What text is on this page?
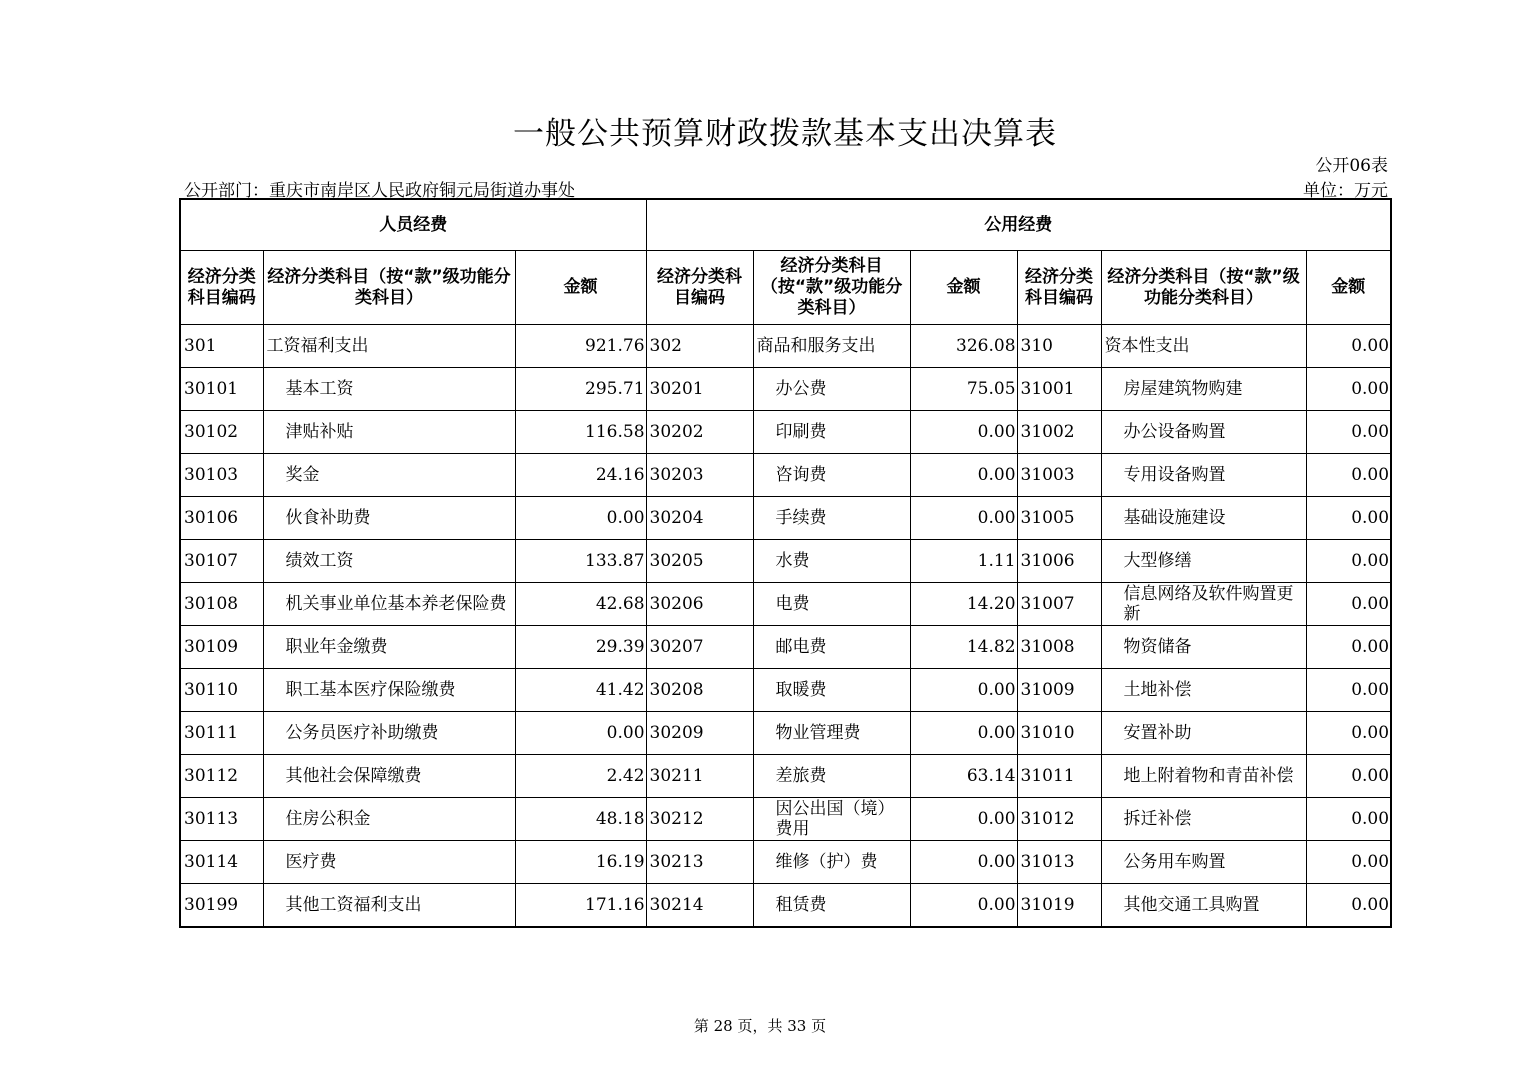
一般公共预算财政拨款基本支出决算表
公开06表
公开部门：重庆市南岸区人民政府铜元局街道办事处	单位：万元
人员经费			公用经费					
经济分类科目编码	经济分类科目（按“款”级功能分类科目）	金额	经济分类科目编码	经济分类科目（按“款”级功能分类科目）	金额	经济分类科目编码	经济分类科目（按“款”级功能分类科目）	金额
301	工资福利支出	921.76	302	商品和服务支出	326.08	310	资本性支出	0.00
30101	基本工资	295.71	30201	办公费	75.05	31001	房屋建筑物购建	0.00
30102	津贴补贴	116.58	30202	印刷费	0.00	31002	办公设备购置	0.00
30103	奖金	24.16	30203	咨询费	0.00	31003	专用设备购置	0.00
30106	伙食补助费	0.00	30204	手续费	0.00	31005	基础设施建设	0.00
30107	绩效工资	133.87	30205	水费	1.11	31006	大型修缮	0.00
30108	机关事业单位基本养老保险费	42.68	30206	电费	14.20	31007	信息网络及软件购置更新	0.00
30109	职业年金缴费	29.39	30207	邮电费	14.82	31008	物资储备	0.00
30110	职工基本医疗保险缴费	41.42	30208	取暖费	0.00	31009	土地补偿	0.00
30111	公务员医疗补助缴费	0.00	30209	物业管理费	0.00	31010	安置补助	0.00
30112	其他社会保障缴费	2.42	30211	差旅费	63.14	31011	地上附着物和青苗补偿	0.00
30113	住房公积金	48.18	30212	因公出国（境）费用	0.00	31012	拆迁补偿	0.00
30114	医疗费	16.19	30213	维修（护）费	0.00	31013	公务用车购置	0.00
30199	其他工资福利支出	171.16	30214	租赁费	0.00	31019	其他交通工具购置	0.00
第 28 页，共 33 页
